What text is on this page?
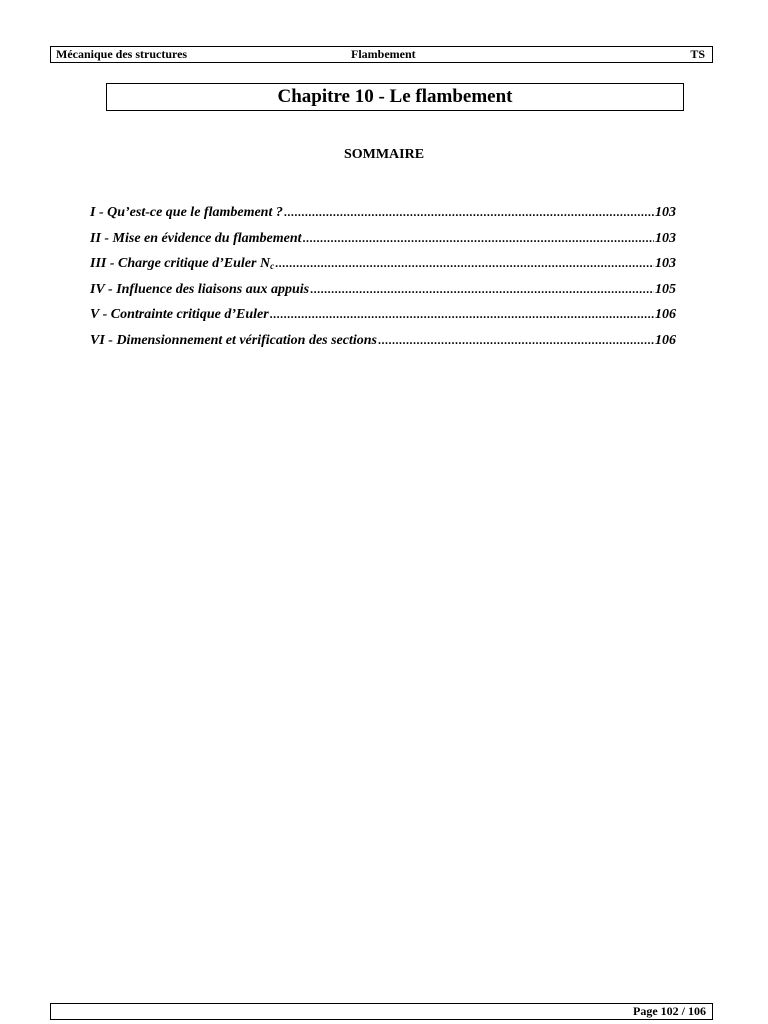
Mécanique des structures	Flambement	TS
Chapitre 10 - Le flambement
SOMMAIRE
I - Qu’est-ce que le flambement ? .....	103
II - Mise en évidence du flambement .....	103
III - Charge critique d’Euler $N_c$ .....	103
IV - Influence des liaisons aux appuis .....	105
V - Contrainte critique d’Euler .....	106
VI - Dimensionnement et vérification des sections .....	106
Page 102 / 106
